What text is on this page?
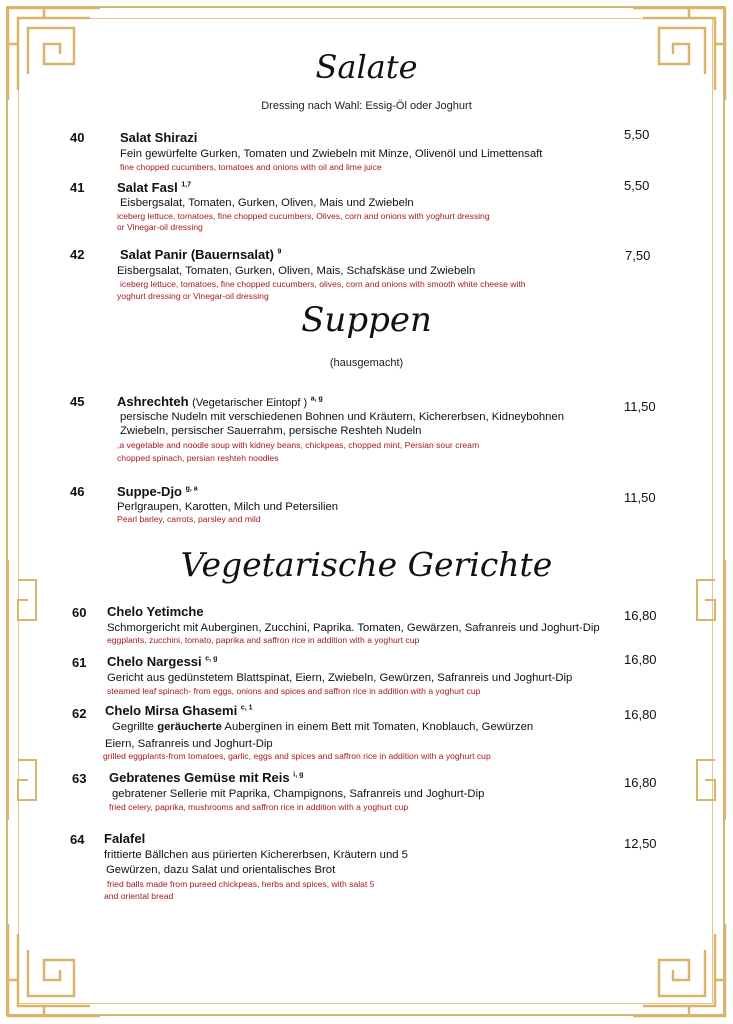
Salate
Dressing nach Wahl: Essig-Öl oder Joghurt
40	Salat Shirazi
Fein gewürfelte Gurken, Tomaten und Zwiebeln mit Minze, Olivenöl und Limettensaft
fine chopped cucumbers, tomatoes and onions with oil and lime juice
5,50
41	Salat Fasl $^{1,7}$
Eisbergsalat, Tomaten, Gurken, Oliven, Mais und Zwiebeln
iceberg lettuce, tomatoes, fine chopped cucumbers, Olives, corn and onions with yoghurt dressing
or Vinegar-oil dressing
5,50
42	Salat Panir (Bauernsalat) $^9$
Eisbergsalat, Tomaten, Gurken, Oliven, Mais, Schafskäse und Zwiebeln
iceberg lettuce, tomatoes, fine chopped cucumbers, olives, corn and onions with smooth white cheese with
yoghurt dressing or Vinegar-oil dressing
7,50
Suppen
(hausgemacht)
45	Ashrechteh (Vegetarischer Eintopf ) $^{a, g}$
persische Nudeln mit verschiedenen Bohnen und Kräutern, Kichererbsen, Kidneybohnen
Zwiebeln, persischer Sauerrahm, persische Reshteh Nudeln
,a vegetable and noodle soup with kidney beans, chickpeas, chopped mint, Persian sour cream
chopped spinach, persian reshteh noodles
11,50
46	Suppe-Djo $^{g, a}$
Perlgraupen, Karotten, Milch und Petersilien
Pearl barley, carrots, parsley and mild
11,50
Vegetarische Gerichte
60 Chelo Yetimche
Schmorgericht mit Auberginen, Zucchini, Paprika. Tomaten, Gewärzen, Safranreis und Joghurt-Dip
eggplants, zucchini, tomato, paprika and saffron rice in addition with a yoghurt cup
16,80
61 Chelo Nargessi $^{c, g}$
Gericht aus gedünstetem Blattspinat, Eiern, Zwiebeln, Gewürzen, Safranreis und Joghurt-Dip
steamed leaf spinach- from eggs, onions and spices and saffron rice in addition with a yoghurt cup
16,80
62 Chelo Mirsa Ghasemi $^{c, 1}$
Gegrillte geräucherte Auberginen in einem Bett mit Tomaten, Knoblauch, Gewürzen
Eiern, Safranreis und Joghurt-Dip
grilled eggplants-from tomatoes, garlic, eggs and spices and saffron rice in addition with a yoghurt cup
16,80
63 Gebratenes Gemüse mit Reis $^{i, g}$
gebratener Sellerie mit Paprika, Champignons, Safranreis und Joghurt-Dip
fried celery, paprika, mushrooms and saffron rice in addition with a yoghurt cup
16,80
64 Falafel
frittierte Bällchen aus pürierten Kichererbsen, Kräutern und 5
Gewürzen, dazu Salat und orientalisches Brot
fried balls made from pureed chickpeas, herbs and spices, with salat 5
and oriental bread
12,50
